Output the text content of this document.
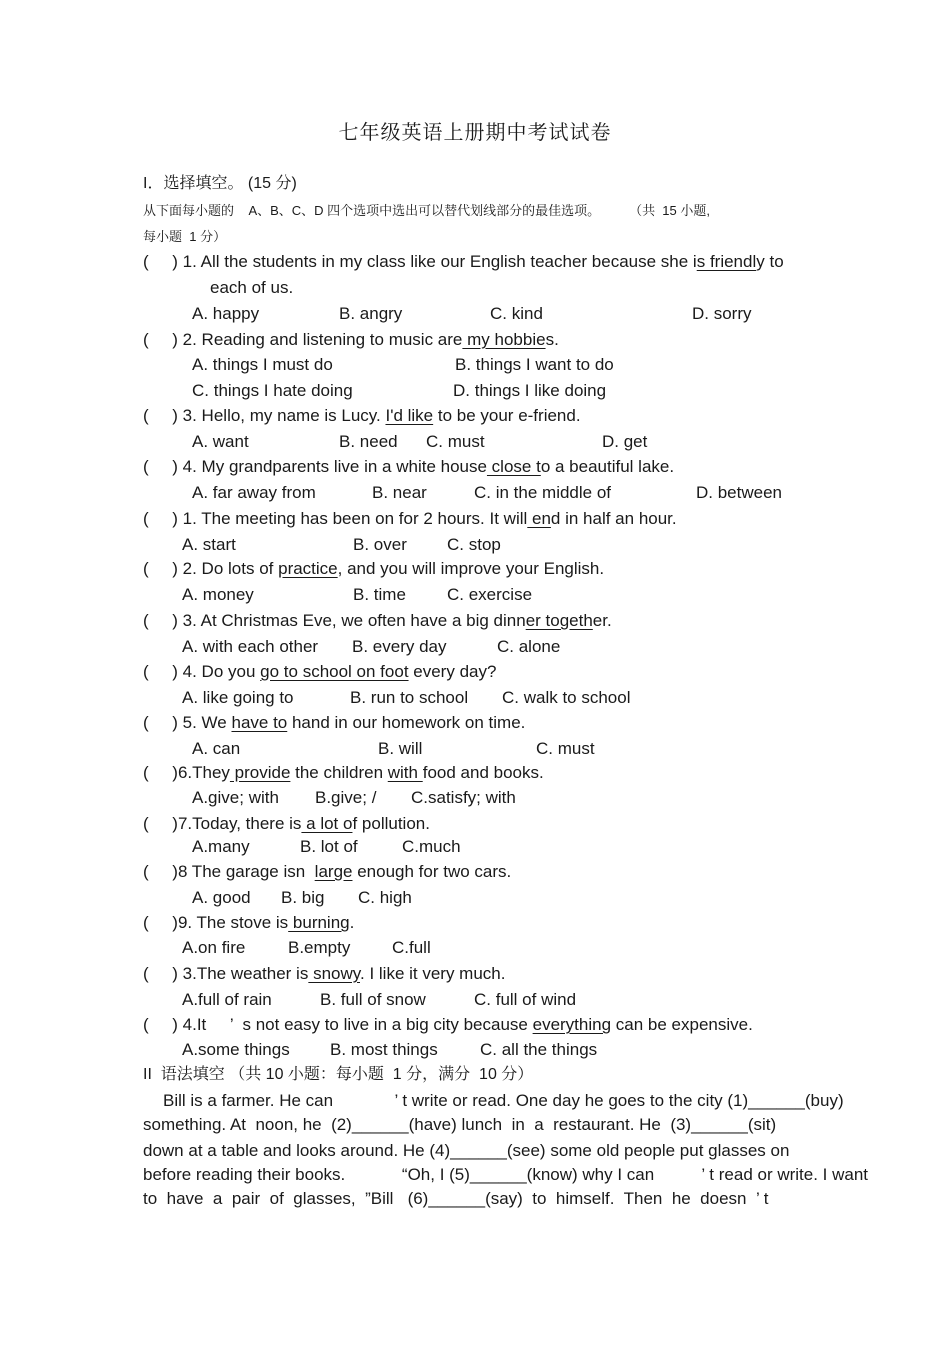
七年级英语上册期中考试试卷
I．选择填空。 (15 分)
从下面每小题的    A、B、C、D 四个选项中选出可以替代划线部分的最佳选项。        （共  15 小题,
每小题  1 分）
(     ) 1. All the students in my class like our English teacher because she is friendly to
each of us.
A. happy	B. angry	C. kind	D. sorry
(     ) 2. Reading and listening to music are my hobbies.
A. things I must do	B. things I want to do
C. things I hate doing	D. things I like doing
(     ) 3. Hello, my name is Lucy. I'd like to be your e-friend.
A. want	B. need C. must	D. get
(     ) 4. My grandparents live in a white house close to a beautiful lake.
A. far away from	B. near	C. in the middle of	D. between
(     ) 1. The meeting has been on for 2 hours. It will end in half an hour.
A. start	B. over C. stop
(     ) 2. Do lots of practice, and you will improve your English.
A. money	B. time C. exercise
(     ) 3. At Christmas Eve, we often have a big dinner together.
A. with each other B. every day	C. alone
(     ) 4. Do you go to school on foot every day?
A. like going to	B. run to school C. walk to school
(     ) 5. We have to hand in our homework on time.
A. can	B. will	C. must
(     )6.They provide the children with food and books.
A.give; with B.give; / C.satisfy; with
(     )7.Today, there is a lot of pollution.
A.many	B. lot of	C.much
(     )8 The garage isn  large enough for two cars.
A. good B. big C. high
(     )9. The stove is burning.
A.on fire	B.empty C.full
(     ) 3.The weather is snowy. I like it very much.
A.full of rain	B. full of snow	C. full of wind
(     ) 4.It     ’  s not easy to live in a big city because everything can be expensive.
A.some things B. most things C. all the things
II  语法填空 （共 10 小题：每小题  1 分，满分  10 分）
Bill is a farmer. He can             ’ t write or read. One day he goes to the city (1)______(buy)
something. At  noon, he  (2)______(have) lunch  in  a  restaurant. He  (3)______(sit)
down at a table and looks around. He (4)______(see) some old people put glasses on
before reading their books.            “Oh, I (5)______(know) why I can          ’ t read or write. I want
to  have  a  pair  of  glasses,  ”Bill   (6)______(say)  to  himself.  Then  he  doesn  ’ t
